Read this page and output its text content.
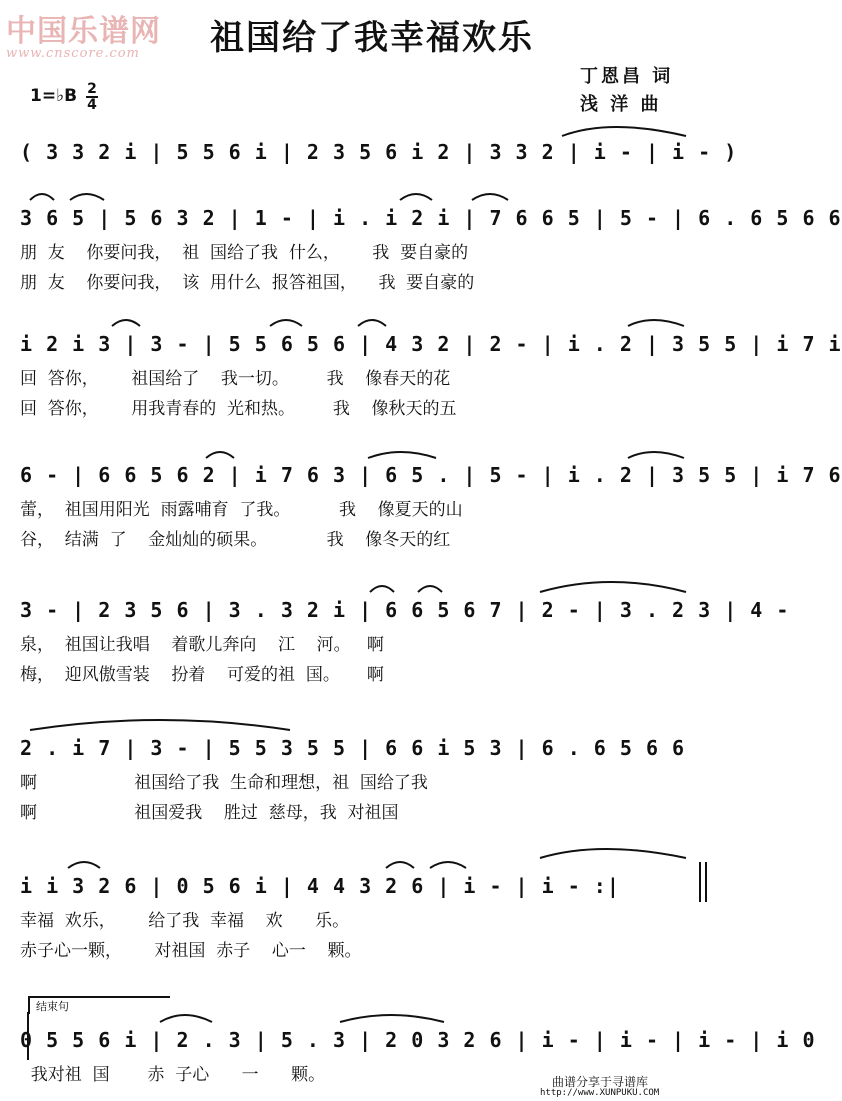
中国乐谱网
www.cnscore.com	祖国给了我幸福欢乐
丁恩昌 词
浅 洋 曲
1=♭B 2
4
( 3 3 2 i | 5 5 6 i | 2 3 5 6 i 2 | 3 3 2 | i - | i - )
3 6 5 | 5 6 3 2 | 1 - | i . i 2 i | 7 6 6 5 | 5 - | 6 . 6 5 6 6
朋  友    你要问我，  祖  国给了我  什么，      我  要自豪的
朋  友    你要问我，  该  用什么  报答祖国，    我  要自豪的
i 2 i 3 | 3 - | 5 5 6 5 6 | 4 3 2 | 2 - | i . 2 | 3 5 5 | i 7 i
回  答你，      祖国给了    我一切。       我    像春天的花
回  答你，      用我青春的  光和热。       我    像秋天的五
6 - | 6 6 5 6 2 | i 7 6 3 | 6 5 . | 5 - | i . 2 | 3 5 5 | i 7 6
蕾，  祖国用阳光  雨露哺育  了我。         我    像夏天的山
谷，  结满  了    金灿灿的硕果。           我    像冬天的红
3 - | 2 3 5 6 | 3 . 3 2 i | 6 6 5 6 7 | 2 - | 3 . 2 3 | 4 -
泉，  祖国让我唱    着歌儿奔向    江    河。   啊
梅，  迎风傲雪装    扮着    可爱的祖  国。     啊
2 . i 7 | 3 - | 5 5 3 5 5 | 6 6 i 5 3 | 6 . 6 5 6 6
啊                  祖国给了我  生命和理想，祖  国给了我
啊                  祖国爱我    胜过  慈母，我  对祖国
i i 3 2 6 | 0 5 6 i | 4 4 3 2 6 | i - | i - :|
幸福  欢乐，      给了我  幸福    欢      乐。
赤子心一颗，      对祖国  赤子    心一    颗。
结束句
0 5 5 6 i | 2 . 3 | 5 . 3 | 2 0 3 2 6 | i - | i - | i - | i 0
我对祖  国       赤  子心      一      颗。	曲谱分享于寻谱库
http://www.XUNPUKU.COM
